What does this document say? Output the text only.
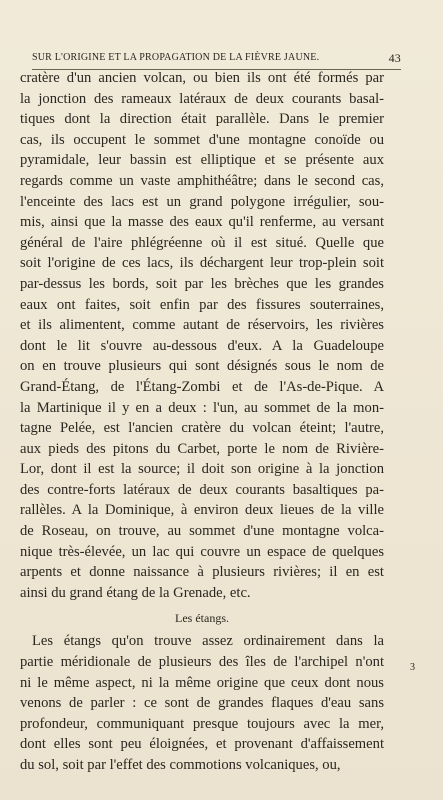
SUR L'ORIGINE ET LA PROPAGATION DE LA FIÈVRE JAUNE.	43
cratère d'un ancien volcan, ou bien ils ont été formés par
la jonction des rameaux latéraux de deux courants basal-
tiques dont la direction était parallèle. Dans le premier
cas, ils occupent le sommet d'une montagne conoïde ou
pyramidale, leur bassin est elliptique et se présente aux
regards comme un vaste amphithéâtre; dans le second cas,
l'enceinte des lacs est un grand polygone irrégulier, sou-
mis, ainsi que la masse des eaux qu'il renferme, au versant
général de l'aire phlégréenne où il est situé. Quelle que
soit l'origine de ces lacs, ils déchargent leur trop-plein soit
par-dessus les bords, soit par les brèches que les grandes
eaux ont faites, soit enfin par des fissures souterraines,
et ils alimentent, comme autant de réservoirs, les rivières
dont le lit s'ouvre au-dessous d'eux. A la Guadeloupe
on en trouve plusieurs qui sont désignés sous le nom de
Grand-Étang, de l'Étang-Zombi et de l'As-de-Pique. A
la Martinique il y en a deux : l'un, au sommet de la mon-
tagne Pelée, est l'ancien cratère du volcan éteint; l'autre,
aux pieds des pitons du Carbet, porte le nom de Rivière-
Lor, dont il est la source; il doit son origine à la jonction
des contre-forts latéraux de deux courants basaltiques pa-
rallèles. A la Dominique, à environ deux lieues de la ville
de Roseau, on trouve, au sommet d'une montagne volca-
nique très-élevée, un lac qui couvre un espace de quelques
arpents et donne naissance à plusieurs rivières; il en est
ainsi du grand étang de la Grenade, etc.
Les étangs.
Les étangs qu'on trouve assez ordinairement dans la
partie méridionale de plusieurs des îles de l'archipel n'ont
ni le même aspect, ni la même origine que ceux dont nous
venons de parler : ce sont de grandes flaques d'eau sans
profondeur, communiquant presque toujours avec la mer,
dont elles sont peu éloignées, et provenant d'affaissement
du sol, soit par l'effet des commotions volcaniques, ou,
3
